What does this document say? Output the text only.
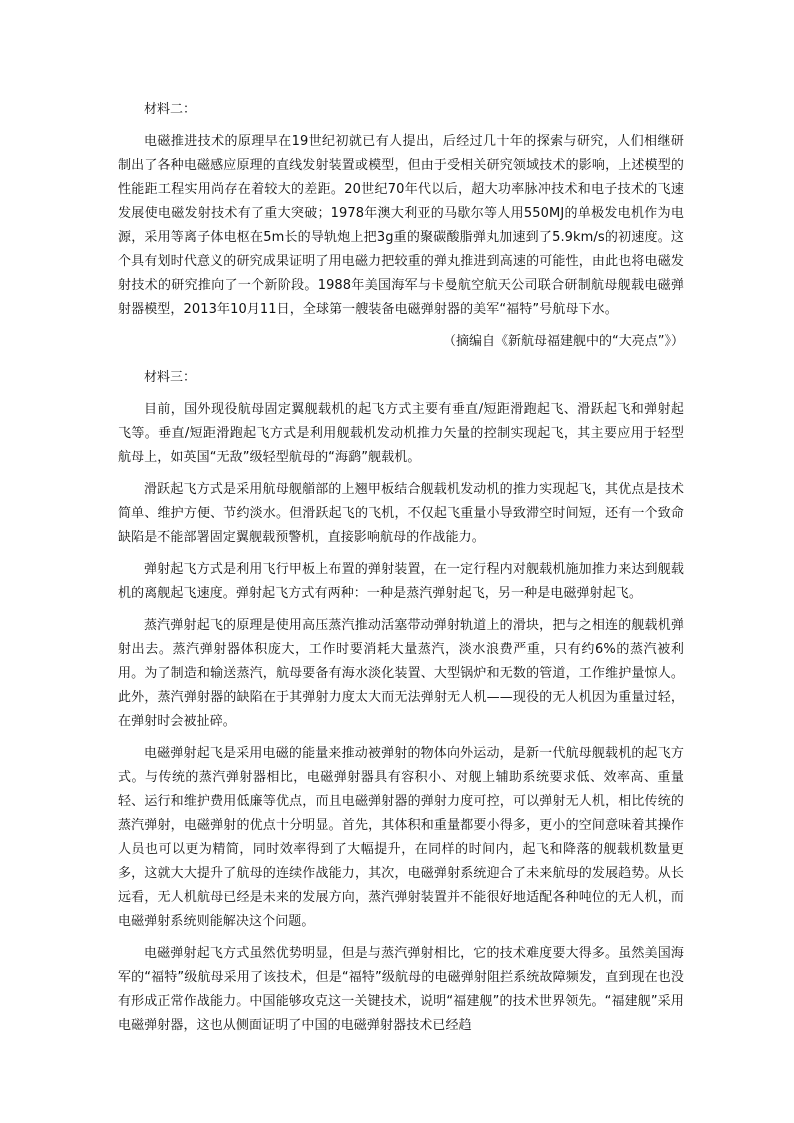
材料二：

电磁推进技术的原理早在19世纪初就已有人提出，后经过几十年的探索与研究，人们相继研制出了各种电磁感应原理的直线发射装置或模型，但由于受相关研究领域技术的影响，上述模型的性能距工程实用尚存在着较大的差距。20世纪70年代以后，超大功率脉冲技术和电子技术的飞速发展使电磁发射技术有了重大突破；1978年澳大利亚的马歇尔等人用550MJ的单极发电机作为电源，采用等离子体电枢在5m长的导轨炮上把3g重的聚碳酸脂弹丸加速到了5.9km/s的初速度。这个具有划时代意义的研究成果证明了用电磁力把较重的弹丸推进到高速的可能性，由此也将电磁发射技术的研究推向了一个新阶段。1988年美国海军与卡曼航空航天公司联合研制航母舰载电磁弹射器模型，2013年10月11日，全球第一艘装备电磁弹射器的美军“福特”号航母下水。

（摘编自《新航母福建舰中的“大亮点”》）
材料三：

目前，国外现役航母固定翼舰载机的起飞方式主要有垂直/短距滑跑起飞、滑跃起飞和弹射起飞等。垂直/短距滑跑起飞方式是利用舰载机发动机推力矢量的控制实现起飞，其主要应用于轻型航母上，如英国“无敌”级轻型航母的“海鹞”舰载机。

滑跃起飞方式是采用航母舰艏部的上翘甲板结合舰载机发动机的推力实现起飞，其优点是技术简单、维护方便、节约淡水。但滑跃起飞的飞机，不仅起飞重量小导致滞空时间短，还有一个致命缺陷是不能部署固定翼舰载预警机，直接影响航母的作战能力。

弹射起飞方式是利用飞行甲板上布置的弹射装置，在一定行程内对舰载机施加推力来达到舰载机的离舰起飞速度。弹射起飞方式有两种：一种是蒸汽弹射起飞，另一种是电磁弹射起飞。

蒸汽弹射起飞的原理是使用高压蒸汽推动活塞带动弹射轨道上的滑块，把与之相连的舰载机弹射出去。蒸汽弹射器体积庞大，工作时要消耗大量蒸汽，淡水浪费严重，只有约6%的蒸汽被利用。为了制造和输送蒸汽，航母要备有海水淡化装置、大型锅炉和无数的管道，工作维护量惊人。此外，蒸汽弹射器的缺陷在于其弹射力度太大而无法弹射无人机——现役的无人机因为重量过轻，在弹射时会被扯碎。

电磁弹射起飞是采用电磁的能量来推动被弹射的物体向外运动，是新一代航母舰载机的起飞方式。与传统的蒸汽弹射器相比，电磁弹射器具有容积小、对舰上辅助系统要求低、效率高、重量轻、运行和维护费用低廉等优点，而且电磁弹射器的弹射力度可控，可以弹射无人机，相比传统的蒸汽弹射，电磁弹射的优点十分明显。首先，其体积和重量都要小得多，更小的空间意味着其操作人员也可以更为精简，同时效率得到了大幅提升，在同样的时间内，起飞和降落的舰载机数量更多，这就大大提升了航母的连续作战能力，其次，电磁弹射系统迎合了未来航母的发展趋势。从长远看，无人机航母已经是未来的发展方向，蒸汽弹射装置并不能很好地适配各种吨位的无人机，而电磁弹射系统则能解决这个问题。

电磁弹射起飞方式虽然优势明显，但是与蒸汽弹射相比，它的技术难度要大得多。虽然美国海军的“福特”级航母采用了该技术，但是“福特”级航母的电磁弹射阻拦系统故障频发，直到现在也没有形成正常作战能力。中国能够攻克这一关键技术，说明“福建舰”的技术世界领先。“福建舰”采用电磁弹射器，这也从侧面证明了中国的电磁弹射器技术已经趋
